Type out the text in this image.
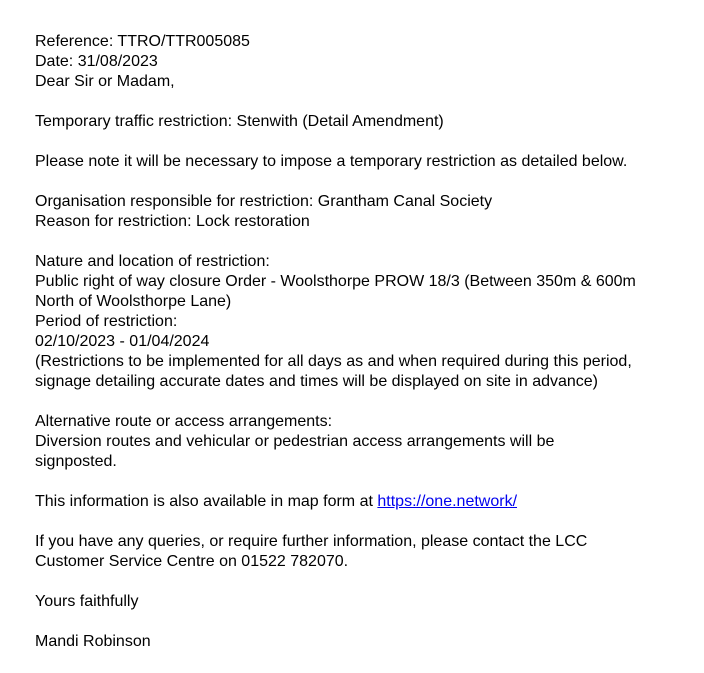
Reference: TTRO/TTR005085
Date: 31/08/2023
Dear Sir or Madam,
Temporary traffic restriction: Stenwith (Detail Amendment)
Please note it will be necessary to impose a temporary restriction as detailed below.
Organisation responsible for restriction: Grantham Canal Society
Reason for restriction: Lock restoration
Nature and location of restriction:
Public right of way closure Order - Woolsthorpe PROW 18/3 (Between 350m & 600m
North of Woolsthorpe Lane)
Period of restriction:
02/10/2023 - 01/04/2024
(Restrictions to be implemented for all days as and when required during this period,
signage detailing accurate dates and times will be displayed on site in advance)
Alternative route or access arrangements:
Diversion routes and vehicular or pedestrian access arrangements will be
signposted.
This information is also available in map form at https://one.network/
If you have any queries, or require further information, please contact the LCC
Customer Service Centre on 01522 782070.
Yours faithfully
Mandi Robinson
